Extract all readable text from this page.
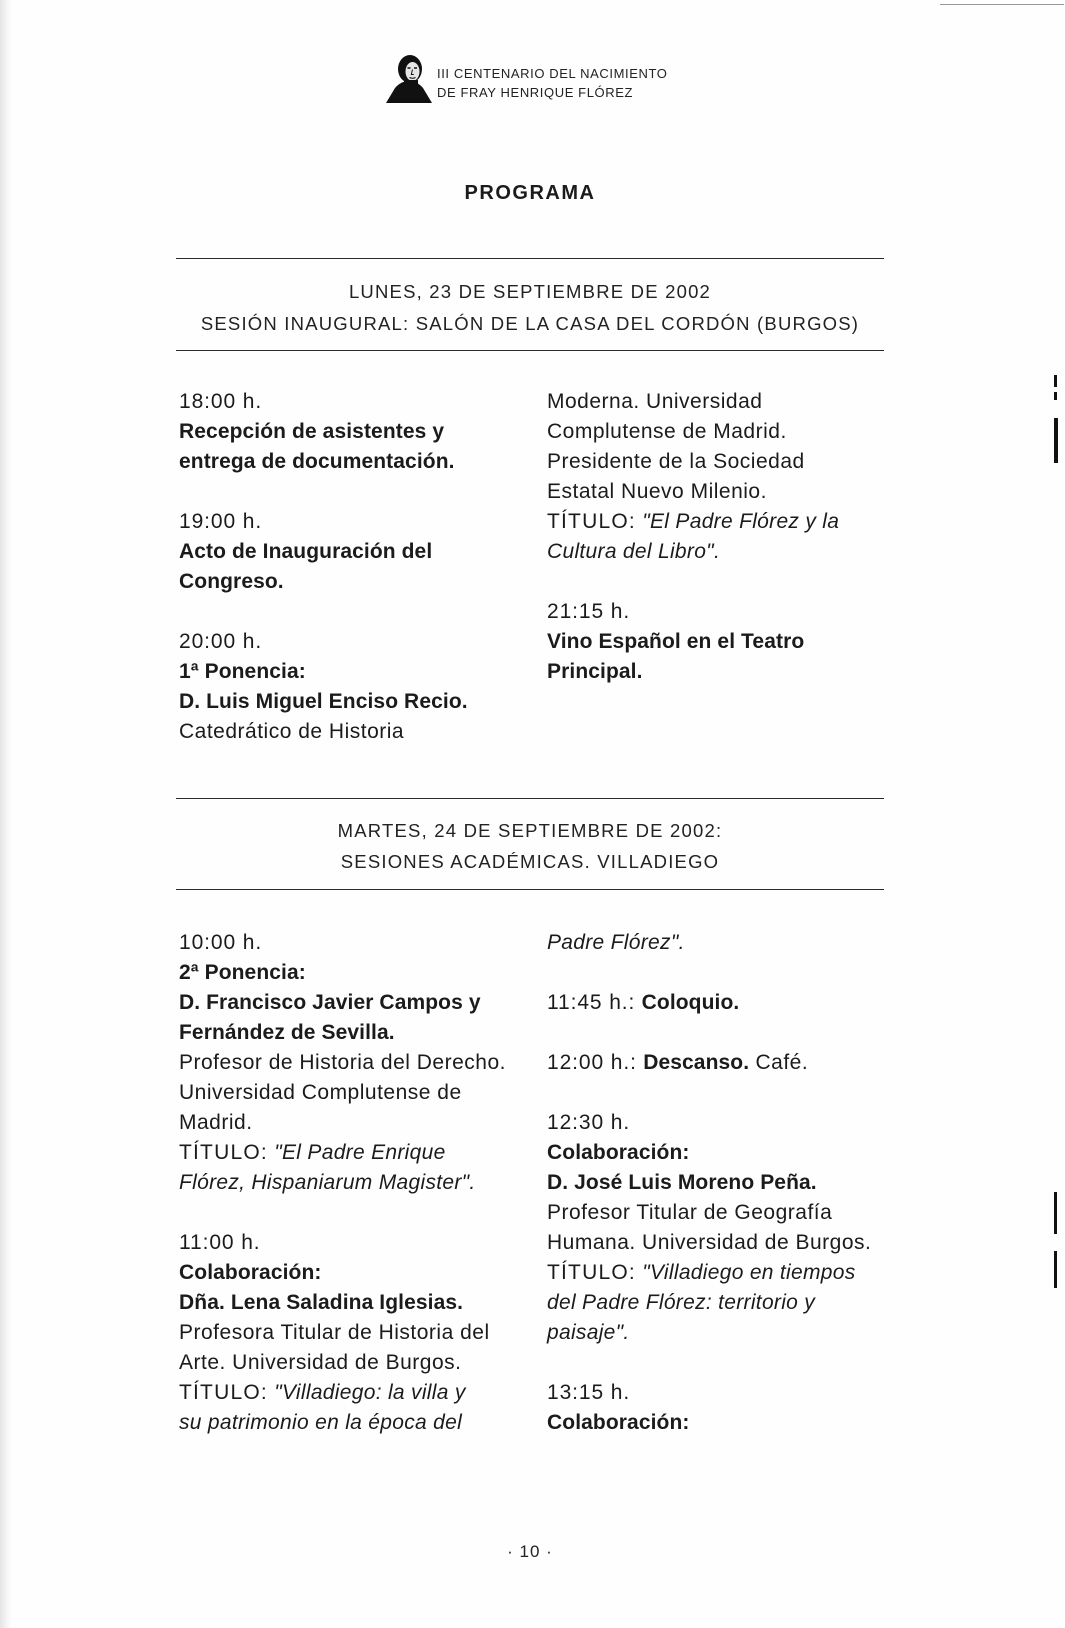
III CENTENARIO DEL NACIMIENTO
DE FRAY HENRIQUE FLÓREZ
PROGRAMA
LUNES, 23 DE SEPTIEMBRE DE 2002
SESIÓN INAUGURAL: SALÓN DE LA CASA DEL CORDÓN (BURGOS)
18:00 h.
Recepción de asistentes y
entrega de documentación.
19:00 h.
Acto de Inauguración del
Congreso.
20:00 h.
1ª Ponencia:
D. Luis Miguel Enciso Recio.
Catedrático de Historia
Moderna. Universidad
Complutense de Madrid.
Presidente de la Sociedad
Estatal Nuevo Milenio.
TÍTULO: "El Padre Flórez y la
Cultura del Libro".
21:15 h.
Vino Español en el Teatro
Principal.
MARTES, 24 DE SEPTIEMBRE DE 2002:
SESIONES ACADÉMICAS. VILLADIEGO
10:00 h.
2ª Ponencia:
D. Francisco Javier Campos y
Fernández de Sevilla.
Profesor de Historia del Derecho.
Universidad Complutense de
Madrid.
TÍTULO: "El Padre Enrique
Flórez, Hispaniarum Magister".
11:00 h.
Colaboración:
Dña. Lena Saladina Iglesias.
Profesora Titular de Historia del
Arte. Universidad de Burgos.
TÍTULO: "Villadiego: la villa y
su patrimonio en la época del
Padre Flórez".
11:45 h.: Coloquio.
12:00 h.: Descanso. Café.
12:30 h.
Colaboración:
D. José Luis Moreno Peña.
Profesor Titular de Geografía
Humana. Universidad de Burgos.
TÍTULO: "Villadiego en tiempos
del Padre Flórez: territorio y
paisaje".
13:15 h.
Colaboración:
· 10 ·
